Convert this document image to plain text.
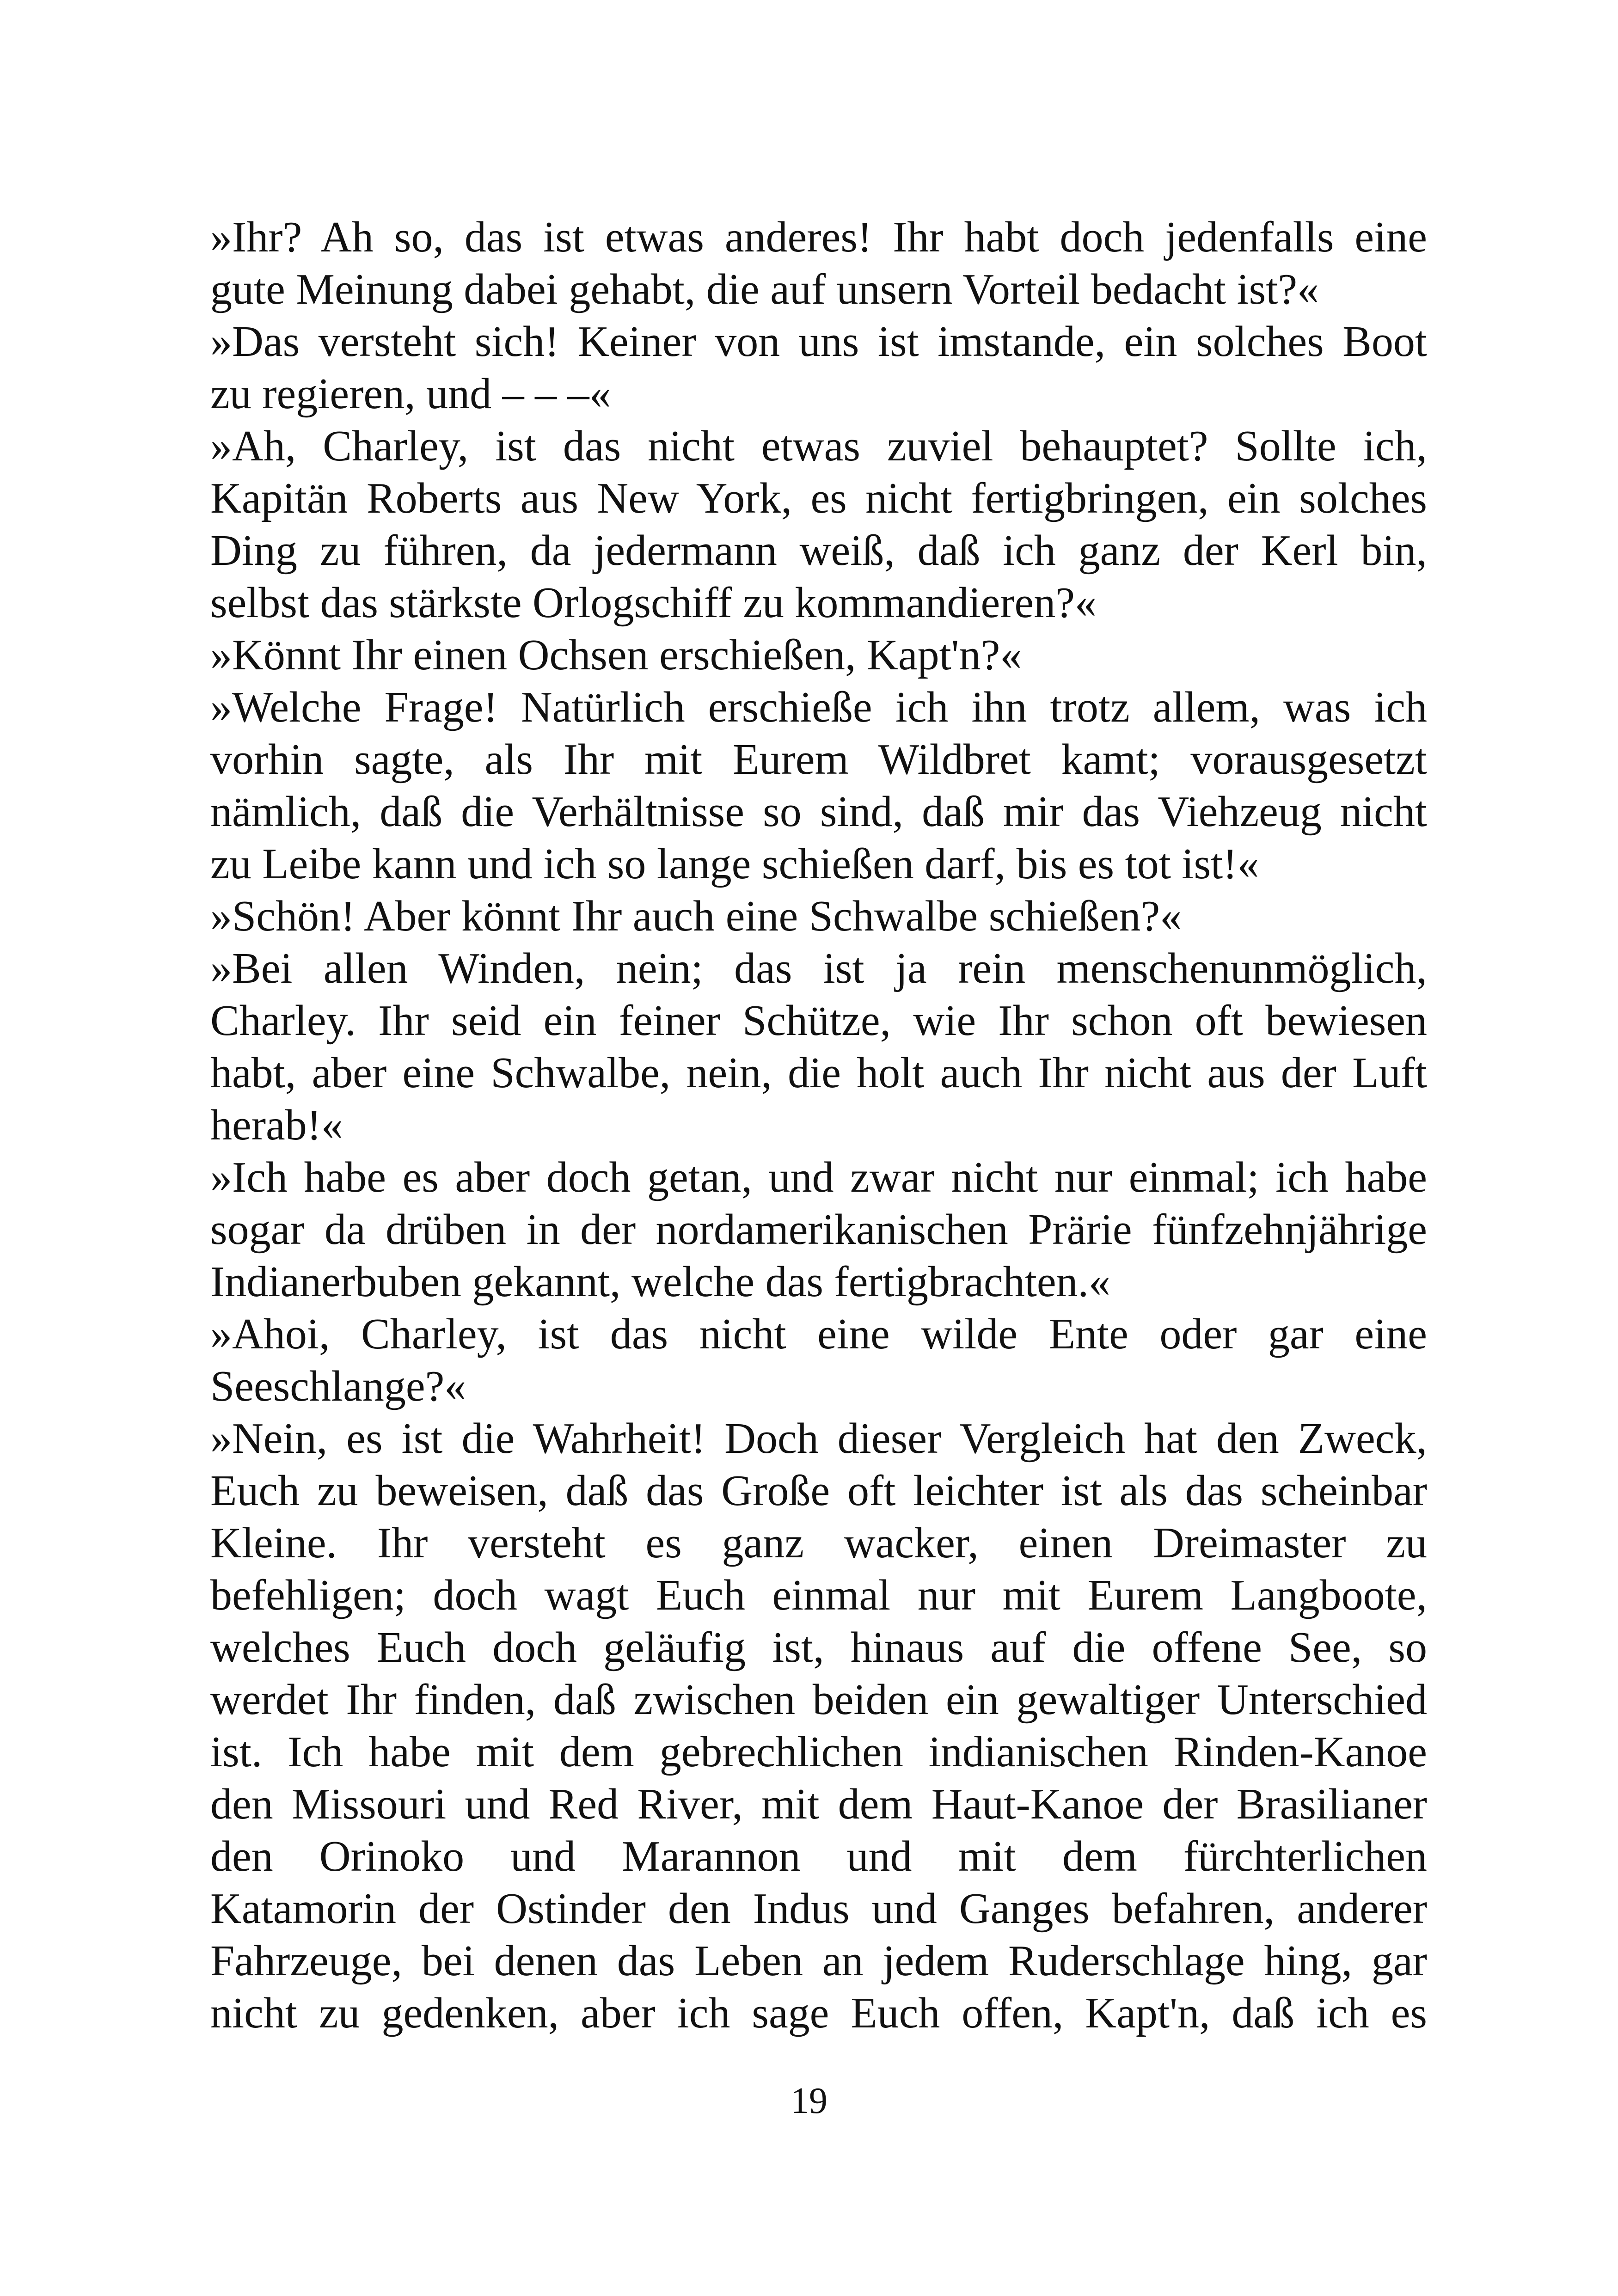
»Ihr? Ah so, das ist etwas anderes! Ihr habt doch jedenfalls eine
gute Meinung dabei gehabt, die auf unsern Vorteil bedacht ist?«
»Das versteht sich! Keiner von uns ist imstande, ein solches Boot
zu regieren, und – – –«
»Ah, Charley, ist das nicht etwas zuviel behauptet? Sollte ich,
Kapitän Roberts aus New York, es nicht fertigbringen, ein solches
Ding zu führen, da jedermann weiß, daß ich ganz der Kerl bin,
selbst das stärkste Orlogschiff zu kommandieren?«
»Könnt Ihr einen Ochsen erschießen, Kapt'n?«
»Welche Frage! Natürlich erschieße ich ihn trotz allem, was ich
vorhin sagte, als Ihr mit Eurem Wildbret kamt; vorausgesetzt
nämlich, daß die Verhältnisse so sind, daß mir das Viehzeug nicht
zu Leibe kann und ich so lange schießen darf, bis es tot ist!«
»Schön! Aber könnt Ihr auch eine Schwalbe schießen?«
»Bei allen Winden, nein; das ist ja rein menschenunmöglich,
Charley. Ihr seid ein feiner Schütze, wie Ihr schon oft bewiesen
habt, aber eine Schwalbe, nein, die holt auch Ihr nicht aus der Luft
herab!«
»Ich habe es aber doch getan, und zwar nicht nur einmal; ich habe
sogar da drüben in der nordamerikanischen Prärie fünfzehnjährige
Indianerbuben gekannt, welche das fertigbrachten.«
»Ahoi, Charley, ist das nicht eine wilde Ente oder gar eine
Seeschlange?«
»Nein, es ist die Wahrheit! Doch dieser Vergleich hat den Zweck,
Euch zu beweisen, daß das Große oft leichter ist als das scheinbar
Kleine. Ihr versteht es ganz wacker, einen Dreimaster zu
befehligen; doch wagt Euch einmal nur mit Eurem Langboote,
welches Euch doch geläufig ist, hinaus auf die offene See, so
werdet Ihr finden, daß zwischen beiden ein gewaltiger Unterschied
ist. Ich habe mit dem gebrechlichen indianischen Rinden-Kanoe
den Missouri und Red River, mit dem Haut-Kanoe der Brasilianer
den Orinoko und Marannon und mit dem fürchterlichen
Katamorin der Ostinder den Indus und Ganges befahren, anderer
Fahrzeuge, bei denen das Leben an jedem Ruderschlage hing, gar
nicht zu gedenken, aber ich sage Euch offen, Kapt'n, daß ich es
19
